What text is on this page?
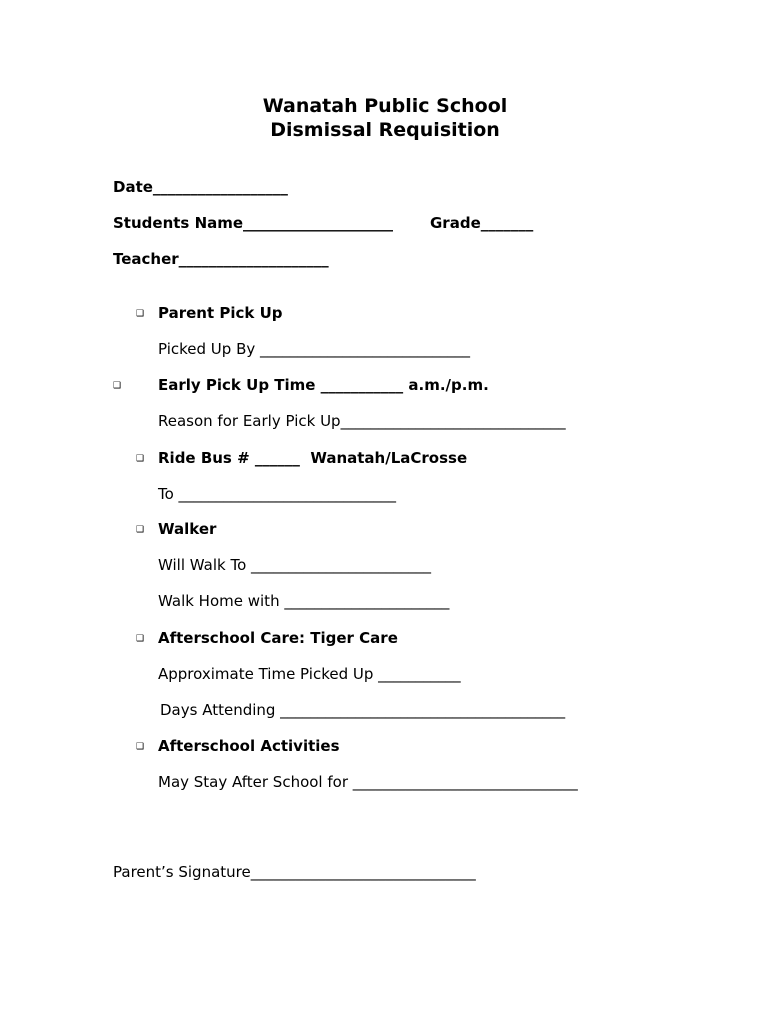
Wanatah Public School
Dismissal Requisition
Date__________________
Students Name____________________ Grade_______
Teacher____________________
❑ Parent Pick Up
Picked Up By ____________________________
❑ Early Pick Up Time ___________ a.m./p.m.
Reason for Early Pick Up______________________________
❑ Ride Bus # ______  Wanatah/LaCrosse
To _____________________________
❑ Walker
Will Walk To ________________________
Walk Home with ______________________
❑ Afterschool Care: Tiger Care
Approximate Time Picked Up ___________
Days Attending ______________________________________
❑ Afterschool Activities
May Stay After School for ______________________________
Parent’s Signature______________________________
